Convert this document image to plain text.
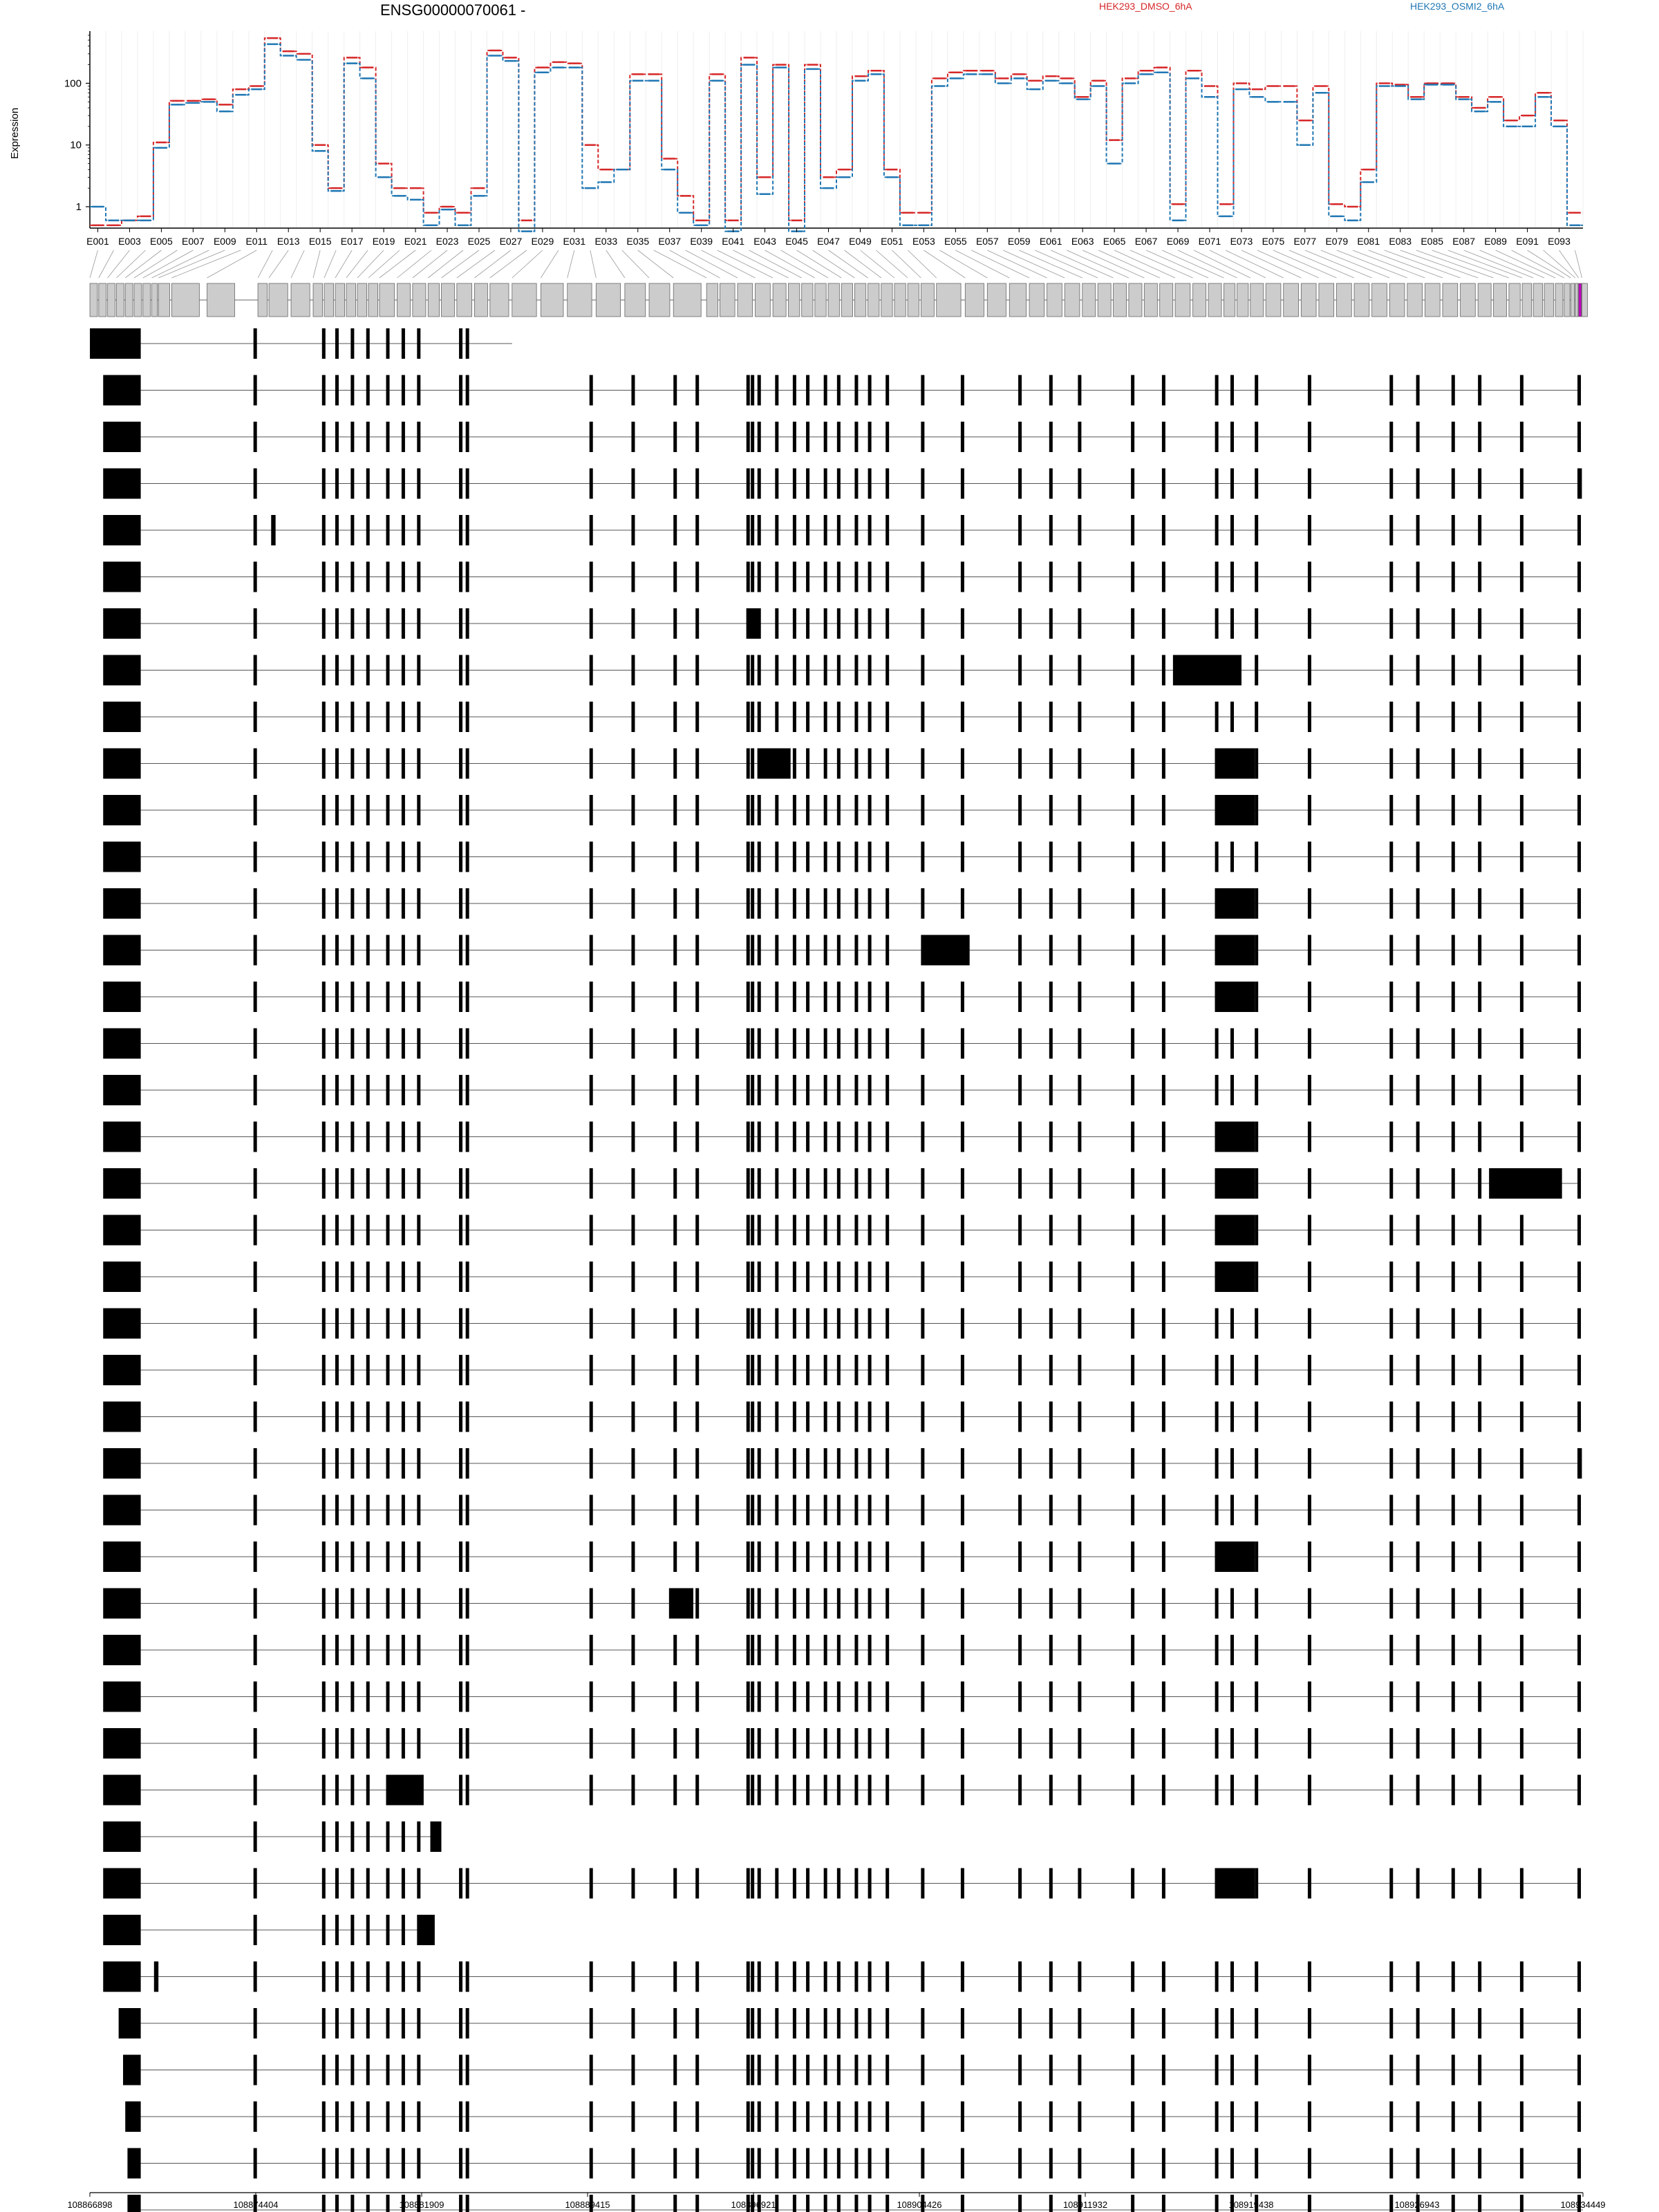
ENSG00000070061 -	HEK293_DMSO_6hA	HEK293_OSMI2_6hA
Expression
1
10
100
E001 E003 E005 E007 E009 E011 E013 E015 E017 E019 E021 E023 E025 E027 E029 E031 E033 E035 E037 E039 E041 E043 E045 E047 E049 E051 E053 E055 E057 E059 E061 E063 E065 E067 E069 E071 E073 E075 E077 E079 E081 E083 E085 E087 E089 E091 E093
108866898	108874404	108881909	108889415	108896921	108904426	108911932	108919438	108926943	108934449
